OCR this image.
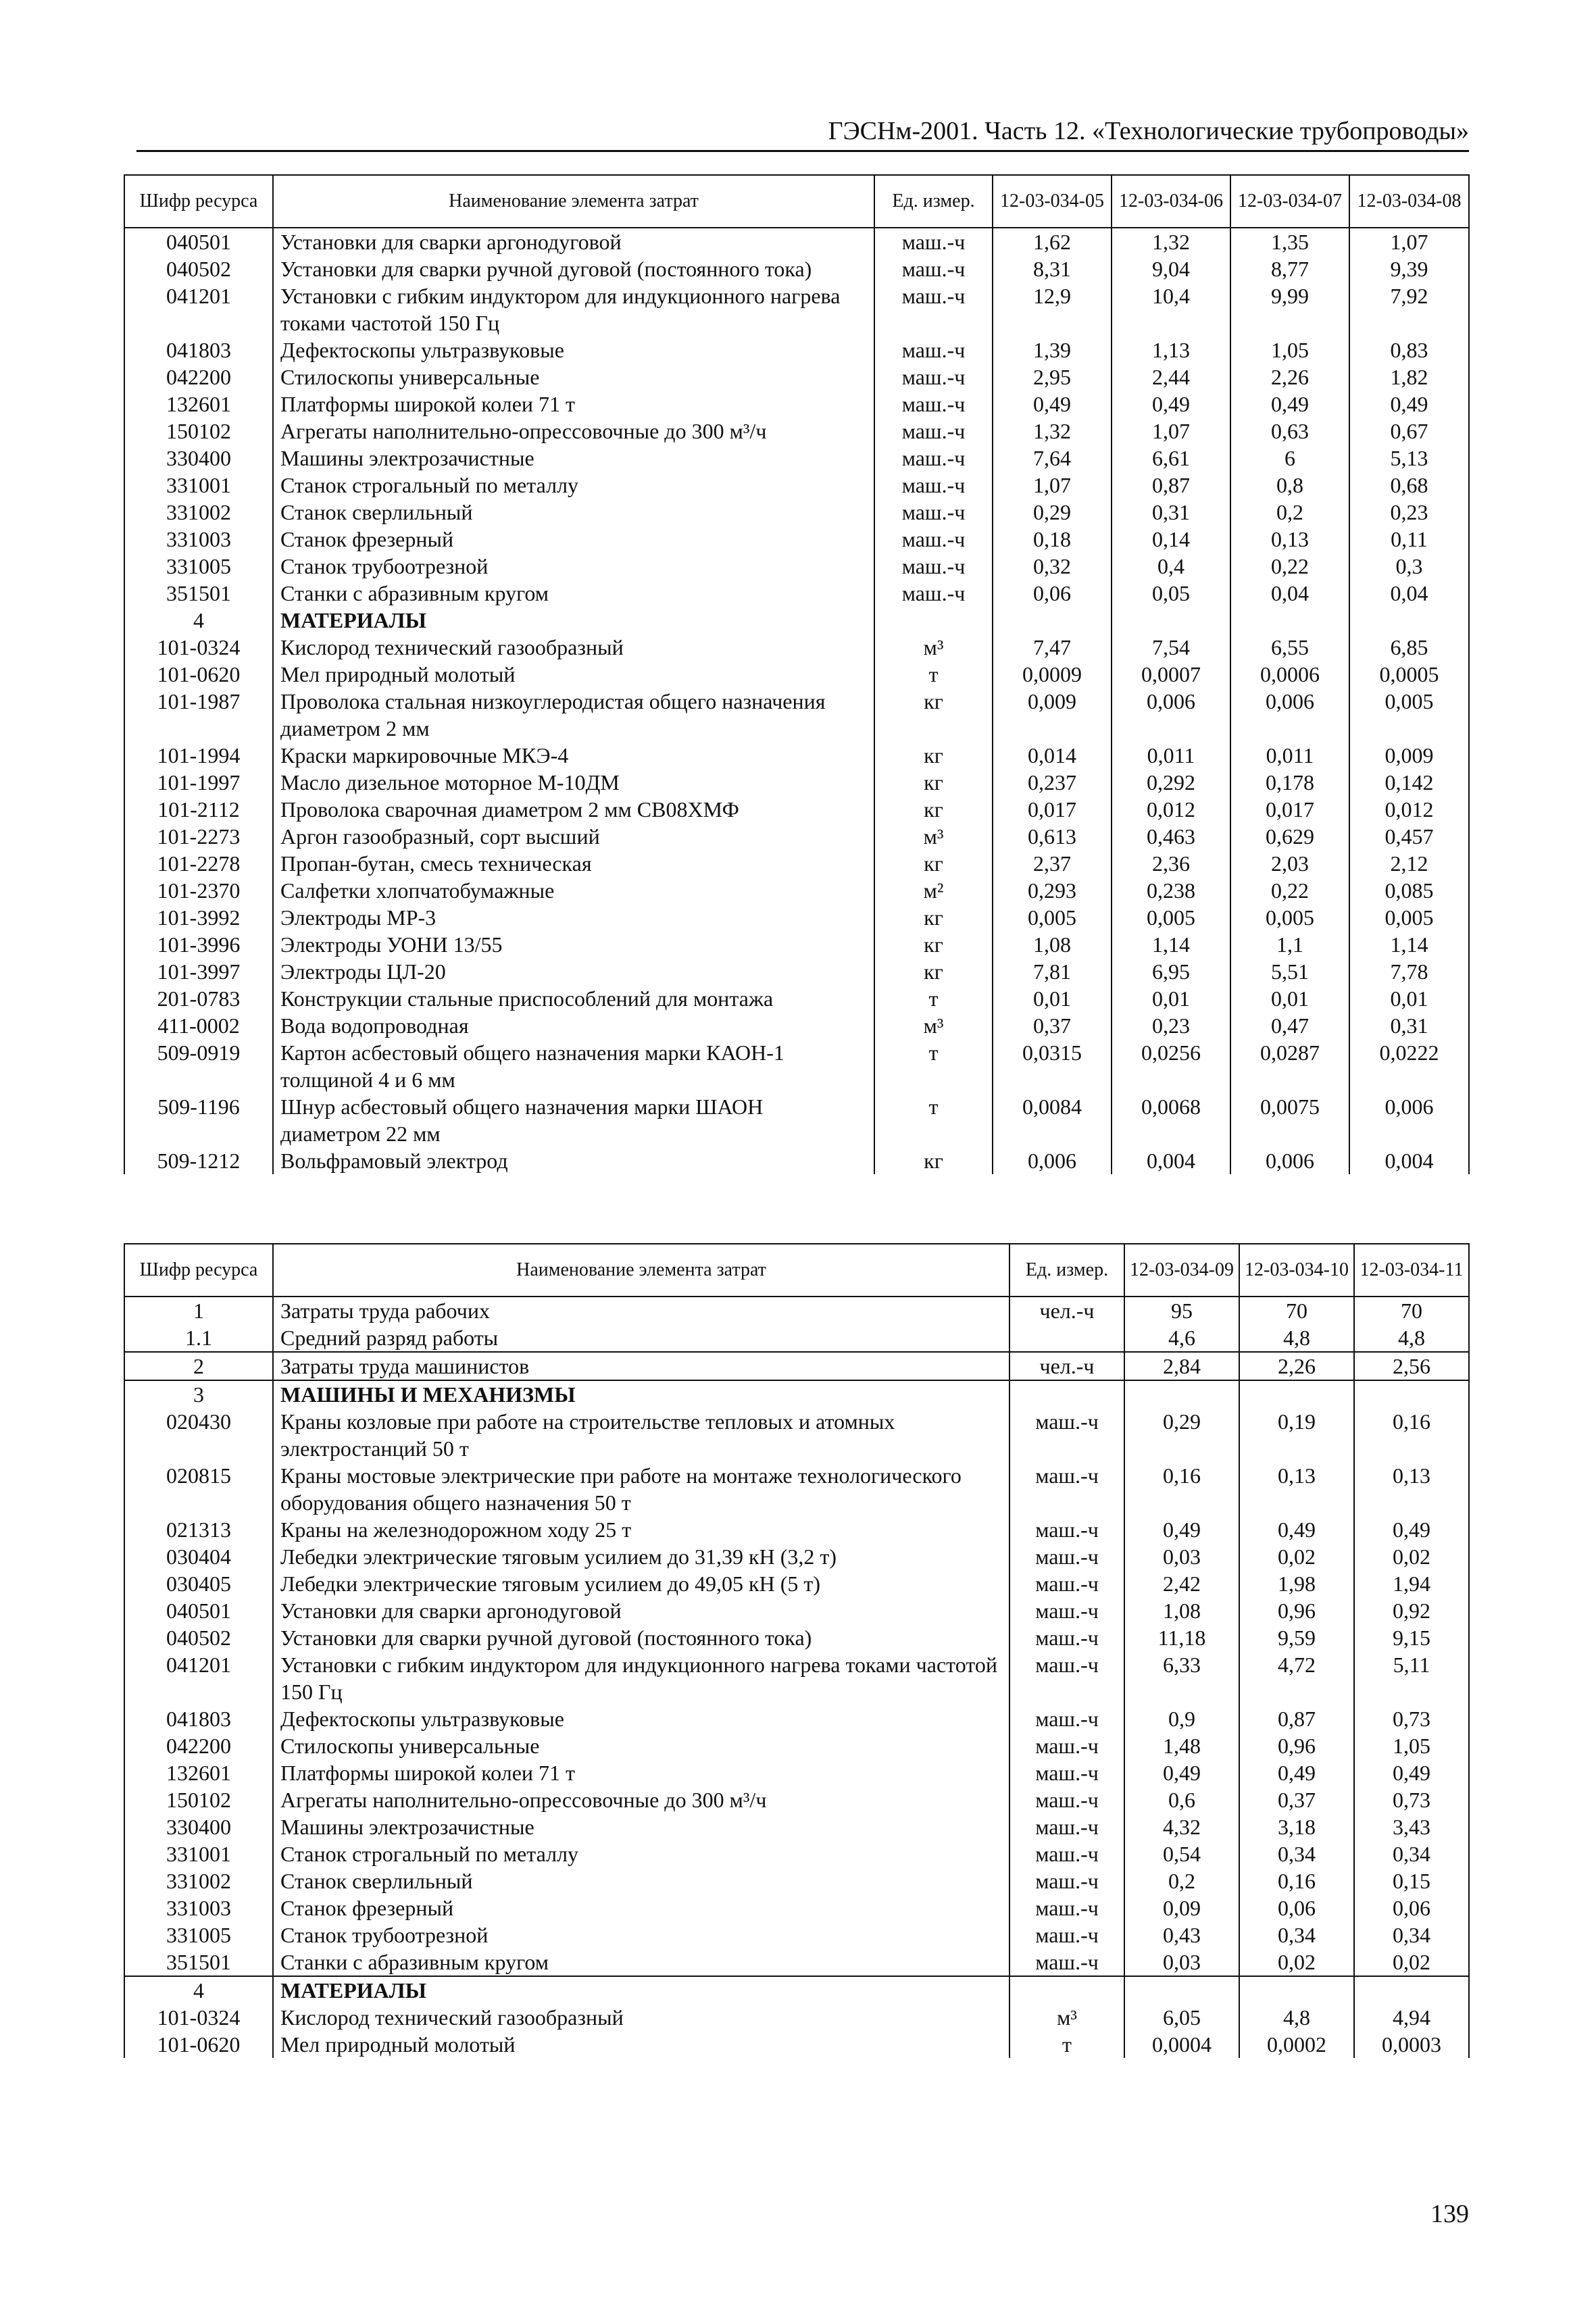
ГЭСНм-2001. Часть 12. «Технологические трубопроводы»
Шифр ресурса	Наименование элемента затрат	Ед. измер.	12-03-034-05	12-03-034-06	12-03-034-07	12-03-034-08
040501	Установки для сварки аргонодуговой	маш.-ч	1,62	1,32	1,35	1,07
040502	Установки для сварки ручной дуговой (постоянного тока)	маш.-ч	8,31	9,04	8,77	9,39
041201	Установки с гибким индуктором для индукционного нагрева токами частотой 150 Гц	маш.-ч	12,9	10,4	9,99	7,92
041803	Дефектоскопы ультразвуковые	маш.-ч	1,39	1,13	1,05	0,83
042200	Стилоскопы универсальные	маш.-ч	2,95	2,44	2,26	1,82
132601	Платформы широкой колеи 71 т	маш.-ч	0,49	0,49	0,49	0,49
150102	Агрегаты наполнительно-опрессовочные до 300 м³/ч	маш.-ч	1,32	1,07	0,63	0,67
330400	Машины электрозачистные	маш.-ч	7,64	6,61	6	5,13
331001	Станок строгальный по металлу	маш.-ч	1,07	0,87	0,8	0,68
331002	Станок сверлильный	маш.-ч	0,29	0,31	0,2	0,23
331003	Станок фрезерный	маш.-ч	0,18	0,14	0,13	0,11
331005	Станок трубоотрезной	маш.-ч	0,32	0,4	0,22	0,3
351501	Станки с абразивным кругом	маш.-ч	0,06	0,05	0,04	0,04
4	МАТЕРИАЛЫ					
101-0324	Кислород технический газообразный	м³	7,47	7,54	6,55	6,85
101-0620	Мел природный молотый	т	0,0009	0,0007	0,0006	0,0005
101-1987	Проволока стальная низкоуглеродистая общего назначения диаметром 2 мм	кг	0,009	0,006	0,006	0,005
101-1994	Краски маркировочные МКЭ-4	кг	0,014	0,011	0,011	0,009
101-1997	Масло дизельное моторное М-10ДМ	кг	0,237	0,292	0,178	0,142
101-2112	Проволока сварочная диаметром 2 мм СВ08ХМФ	кг	0,017	0,012	0,017	0,012
101-2273	Аргон газообразный, сорт высший	м³	0,613	0,463	0,629	0,457
101-2278	Пропан-бутан, смесь техническая	кг	2,37	2,36	2,03	2,12
101-2370	Салфетки хлопчатобумажные	м²	0,293	0,238	0,22	0,085
101-3992	Электроды МР-3	кг	0,005	0,005	0,005	0,005
101-3996	Электроды УОНИ 13/55	кг	1,08	1,14	1,1	1,14
101-3997	Электроды ЦЛ-20	кг	7,81	6,95	5,51	7,78
201-0783	Конструкции стальные приспособлений для монтажа	т	0,01	0,01	0,01	0,01
411-0002	Вода водопроводная	м³	0,37	0,23	0,47	0,31
509-0919	Картон асбестовый общего назначения марки КАОН-1 толщиной 4 и 6 мм	т	0,0315	0,0256	0,0287	0,0222
509-1196	Шнур асбестовый общего назначения марки ШАОН диаметром 22 мм	т	0,0084	0,0068	0,0075	0,006
509-1212	Вольфрамовый электрод	кг	0,006	0,004	0,006	0,004
Шифр ресурса	Наименование элемента затрат	Ед. измер.	12-03-034-09	12-03-034-10	12-03-034-11
1	Затраты труда рабочих	чел.-ч	95	70	70
1.1	Средний разряд работы		4,6	4,8	4,8
2	Затраты труда машинистов	чел.-ч	2,84	2,26	2,56
3	МАШИНЫ И МЕХАНИЗМЫ				
020430	Краны козловые при работе на строительстве тепловых и атомных электростанций 50 т	маш.-ч	0,29	0,19	0,16
020815	Краны мостовые электрические при работе на монтаже технологического оборудования общего назначения 50 т	маш.-ч	0,16	0,13	0,13
021313	Краны на железнодорожном ходу 25 т	маш.-ч	0,49	0,49	0,49
030404	Лебедки электрические тяговым усилием до 31,39 кН (3,2 т)	маш.-ч	0,03	0,02	0,02
030405	Лебедки электрические тяговым усилием до 49,05 кН (5 т)	маш.-ч	2,42	1,98	1,94
040501	Установки для сварки аргонодуговой	маш.-ч	1,08	0,96	0,92
040502	Установки для сварки ручной дуговой (постоянного тока)	маш.-ч	11,18	9,59	9,15
041201	Установки с гибким индуктором для индукционного нагрева токами частотой 150 Гц	маш.-ч	6,33	4,72	5,11
041803	Дефектоскопы ультразвуковые	маш.-ч	0,9	0,87	0,73
042200	Стилоскопы универсальные	маш.-ч	1,48	0,96	1,05
132601	Платформы широкой колеи 71 т	маш.-ч	0,49	0,49	0,49
150102	Агрегаты наполнительно-опрессовочные до 300 м³/ч	маш.-ч	0,6	0,37	0,73
330400	Машины электрозачистные	маш.-ч	4,32	3,18	3,43
331001	Станок строгальный по металлу	маш.-ч	0,54	0,34	0,34
331002	Станок сверлильный	маш.-ч	0,2	0,16	0,15
331003	Станок фрезерный	маш.-ч	0,09	0,06	0,06
331005	Станок трубоотрезной	маш.-ч	0,43	0,34	0,34
351501	Станки с абразивным кругом	маш.-ч	0,03	0,02	0,02
4	МАТЕРИАЛЫ				
101-0324	Кислород технический газообразный	м³	6,05	4,8	4,94
101-0620	Мел природный молотый	т	0,0004	0,0002	0,0003
139
